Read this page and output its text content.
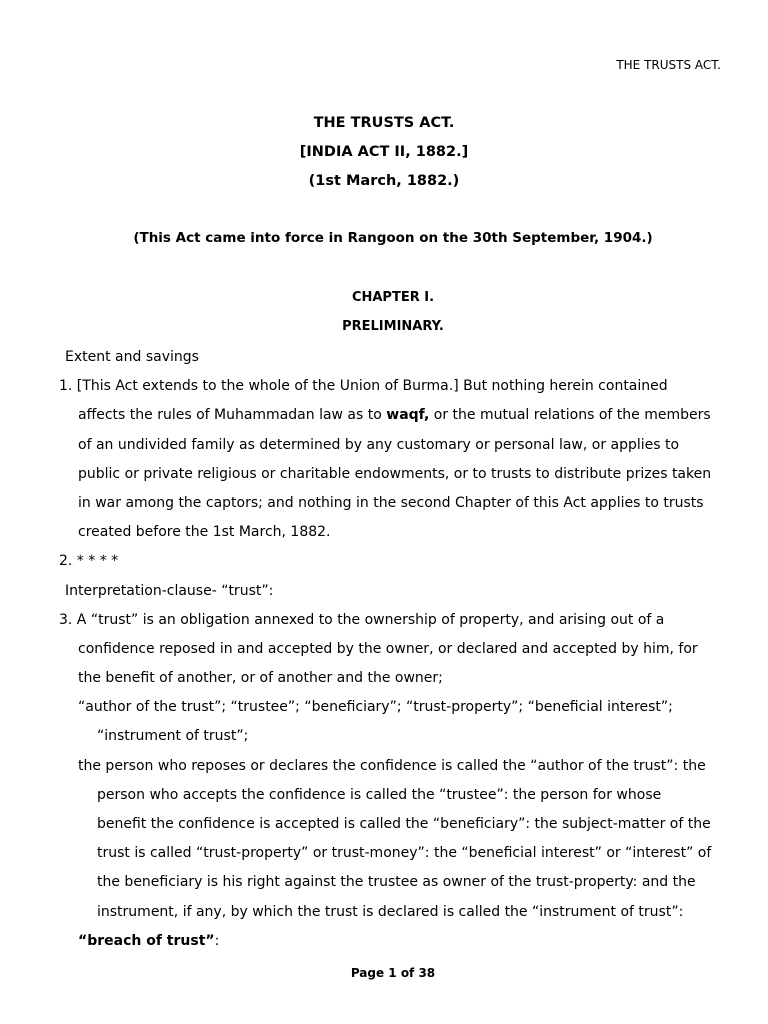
THE TRUSTS ACT.
THE TRUSTS ACT.
[INDIA ACT II, 1882.]
(1st March, 1882.)
(This Act came into force in Rangoon on the 30th September, 1904.)
CHAPTER I.
PRELIMINARY.
Extent and savings
1. [This Act extends to the whole of the Union of Burma.] But nothing herein contained
affects the rules of Muhammadan law as to waqf, or the mutual relations of the members
of an undivided family as determined by any customary or personal law, or applies to
public or private religious or charitable endowments, or to trusts to distribute prizes taken
in war among the captors; and nothing in the second Chapter of this Act applies to trusts
created before the 1st March, 1882.
2. * * * *
Interpretation-clause- “trust”:
3. A “trust” is an obligation annexed to the ownership of property, and arising out of a
confidence reposed in and accepted by the owner, or declared and accepted by him, for
the benefit of another, or of another and the owner;
“author of the trust”; “trustee”; “beneficiary”; “trust-property”; “beneficial interest”;
“instrument of trust”;
the person who reposes or declares the confidence is called the “author of the trust”: the
person who accepts the confidence is called the “trustee”: the person for whose
benefit the confidence is accepted is called the “beneficiary”: the subject-matter of the
trust is called “trust-property” or trust-money”: the “beneficial interest” or “interest” of
the beneficiary is his right against the trustee as owner of the trust-property: and the
instrument, if any, by which the trust is declared is called the “instrument of trust”:
“breach of trust”:
Page 1 of 38
